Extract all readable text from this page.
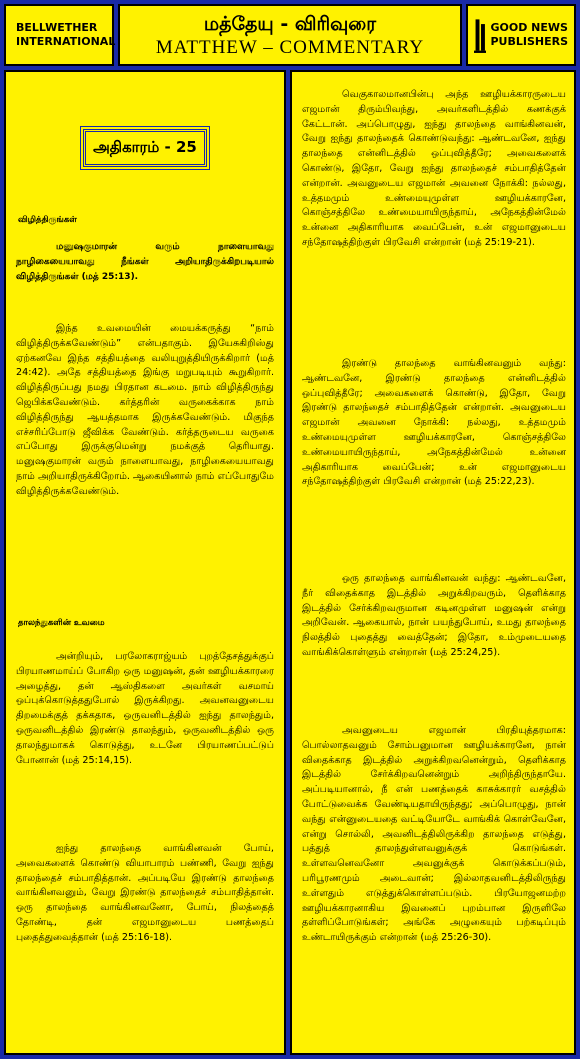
BELLWETHER
INTERNATIONAL
மத்தேயு - விரிவுரை
MATTHEW – COMMENTARY
GOOD NEWS
PUBLISHERS
அதிகாரம் - 25
விழித்திருங்கள்

மனுஷகுமாரன் வரும் நாளையாவது நாழிகையையாவது நீங்கள் அறியாதிருக்கிறபடியால் விழித்திருங்கள் (மத் 25:13).

இந்த உவமையின் மையக்கருத்து “நாம் விழித்திருக்கவேண்டும்” என்பதாகும். இயேசுகிறிஸ்து ஏற்கனவே இந்த சத்தியத்தை வலியுறுத்தியிருக்கிறார் (மத் 24:42). அதே சத்தியத்தை இங்கு மறுபடியும் கூறுகிறார். விழித்திருப்பது நமது பிரதான கடமை. நாம் விழித்திருந்து ஜெபிக்கவேண்டும். கர்த்தரின் வருகைக்காக நாம் விழித்திருந்து ஆயத்தமாக இருக்கவேண்டும். மிகுந்த எச்சரிப்போடு ஜீவிக்க வேண்டும். கர்த்தருடைய வருகை எப்போது இருக்குமென்று நமக்குத் தெரியாது. மனுஷகுமாரன் வரும் நாளையாவது, நாழிகையையாவது நாம் அறியாதிருக்கிறோம். ஆகையினால் நாம் எப்போதுமே விழித்திருக்கவேண்டும்.

தாலந்துகளின் உவமை

அன்றியும், பரலோகராஜ்யம் புறத்தேசத்துக்குப் பிரயாணமாய்ப் போகிற ஒரு மனுஷன், தன் ஊழியக்காரரை அழைத்து, தன் ஆஸ்திகளை அவர்கள் வசமாய் ஒப்புக்கொடுத்ததுபோல் இருக்கிறது. அவனவனுடைய திறமைக்குத் தக்கதாக, ஒருவனிடத்தில் ஐந்து தாலந்தும், ஒருவனிடத்தில் இரண்டு தாலந்தும், ஒருவனிடத்தில் ஒரு தாலந்துமாகக் கொடுத்து, உடனே பிரயாணப்பட்டுப் போனான் (மத் 25:14,15).

ஐந்து தாலந்தை வாங்கினவன் போய், அவைகளைக் கொண்டு வியாபாரம் பண்ணி, வேறு ஐந்து தாலந்தைச் சம்பாதித்தான். அப்படியே இரண்டு தாலந்தை வாங்கினவனும், வேறு இரண்டு தாலந்தைச் சம்பாதித்தான். ஒரு தாலந்தை வாங்கினவனோ, போய், நிலத்தைத் தோண்டி, தன் எஜமானுடைய பணத்தைப் புதைத்துவைத்தான் (மத் 25:16-18).

வெகுகாலமானபின்பு அந்த ஊழியக்காரருடைய எஜமான் திரும்பிவந்து, அவர்களிடத்தில் கணக்குக் கேட்டான். அப்பொழுது, ஐந்து தாலந்தை வாங்கினவன், வேறு ஐந்து தாலந்தைக் கொண்டுவந்து: ஆண்டவனே, ஐந்து தாலந்தை என்னிடத்தில் ஒப்புவித்தீரே; அவைகளைக் கொண்டு, இதோ, வேறு ஐந்து தாலந்தைச் சம்பாதித்தேன் என்றான். அவனுடைய எஜமான் அவனை நோக்கி: நல்லது, உத்தமமும் உண்மையுமுள்ள ஊழியக்காரனே, கொஞ்சத்திலே உண்மையாயிருந்தாய், அநேகத்தின்மேல் உன்னை அதிகாரியாக வைப்பேன், உன் எஜமானுடைய சந்தோஷத்திற்குள் பிரவேசி என்றான் (மத் 25:19-21).

இரண்டு தாலந்தை வாங்கினவனும் வந்து: ஆண்டவனே, இரண்டு தாலந்தை என்னிடத்தில் ஒப்புவித்தீரே; அவைகளைக் கொண்டு, இதோ, வேறு இரண்டு தாலந்தைச் சம்பாதித்தேன் என்றான். அவனுடைய எஜமான் அவனை நோக்கி: நல்லது, உத்தமமும் உண்மையுமுள்ள ஊழியக்காரனே, கொஞ்சத்திலே உண்மையாயிருந்தாய், அநேகத்தின்மேல் உன்னை அதிகாரியாக வைப்பேன்; உன் எஜமானுடைய சந்தோஷத்திற்குள் பிரவேசி என்றான் (மத் 25:22,23).

ஒரு தாலந்தை வாங்கினவன் வந்து: ஆண்டவனே, நீர் விதைக்காத இடத்தில் அறுக்கிறவரும், தெளிக்காத இடத்தில் சேர்க்கிறவருமான கடினமுள்ள மனுஷன் என்று அறிவேன். ஆகையால், நான் பயந்துபோய், உமது தாலந்தை நிலத்தில் புதைத்து வைத்தேன்; இதோ, உம்முடையதை வாங்கிக்கொள்ளும் என்றான் (மத் 25:24,25).

அவனுடைய எஜமான் பிரதியுத்தரமாக: பொல்லாதவனும் சோம்பனுமான ஊழியக்காரனே, நான் விதைக்காத இடத்தில் அறுக்கிறவனென்றும், தெளிக்காத இடத்தில் சேர்க்கிறவனென்றும் அறிந்திருந்தாயே. அப்படியானால், நீ என் பணத்தைக் காசுக்காரர் வசத்தில் போட்டுவைக்க வேண்டியதாயிருந்தது; அப்பொழுது, நான் வந்து என்னுடையதை வட்டியோடே வாங்கிக் கொள்வேனே, என்று சொல்லி, அவனிடத்திலிருக்கிற தாலந்தை எடுத்து, பத்துத் தாலந்துள்ளவனுக்குக் கொடுங்கள். உள்ளவனெவனோ அவனுக்குக் கொடுக்கப்படும், பரிபூரணமும் அடைவான்; இல்லாதவனிடத்திலிருந்து உள்ளதும் எடுத்துக்கொள்ளப்படும். பிரயோஜனமற்ற ஊழியக்காரனாகிய இவனைப் புறம்பான இருளிலே தள்ளிப்போடுங்கள்; அங்கே அழுகையும் பற்கடிப்பும் உண்டாயிருக்கும் என்றான் (மத் 25:26-30).
